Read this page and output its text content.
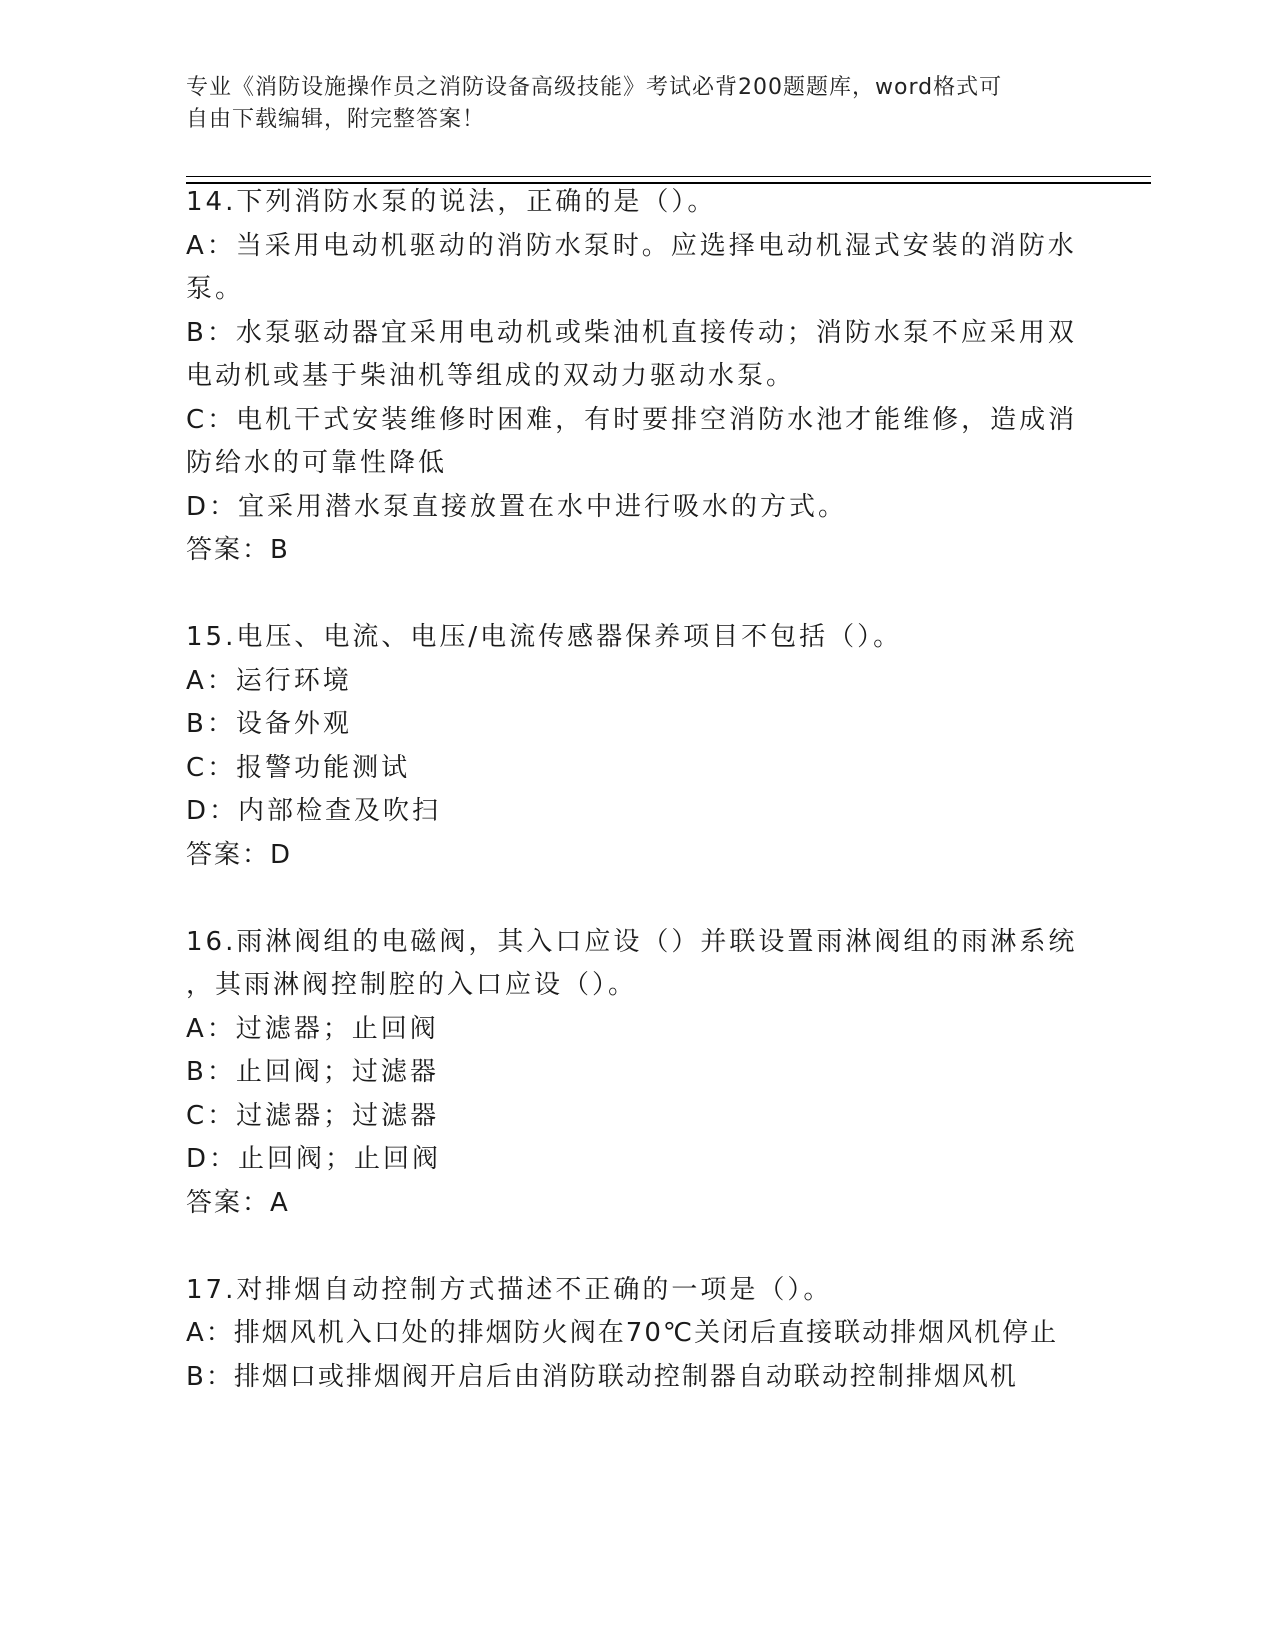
专业《消防设施操作员之消防设备高级技能》考试必背200题题库，word格式可
自由下载编辑，附完整答案！
14.下列消防水泵的说法，正确的是（）。
A：当采用电动机驱动的消防水泵时。应选择电动机湿式安装的消防水
泵。
B：水泵驱动器宜采用电动机或柴油机直接传动；消防水泵不应采用双
电动机或基于柴油机等组成的双动力驱动水泵。
C：电机干式安装维修时困难，有时要排空消防水池才能维修，造成消
防给水的可靠性降低
D：宜采用潜水泵直接放置在水中进行吸水的方式。
答案：B
15.电压、电流、电压/电流传感器保养项目不包括（）。
A：运行环境
B：设备外观
C：报警功能测试
D：内部检查及吹扫
答案：D
16.雨淋阀组的电磁阀，其入口应设（）并联设置雨淋阀组的雨淋系统
，其雨淋阀控制腔的入口应设（）。
A：过滤器；止回阀
B：止回阀；过滤器
C：过滤器；过滤器
D：止回阀；止回阀
答案：A
17.对排烟自动控制方式描述不正确的一项是（）。
A：排烟风机入口处的排烟防火阀在70℃关闭后直接联动排烟风机停止
B：排烟口或排烟阀开启后由消防联动控制器自动联动控制排烟风机
